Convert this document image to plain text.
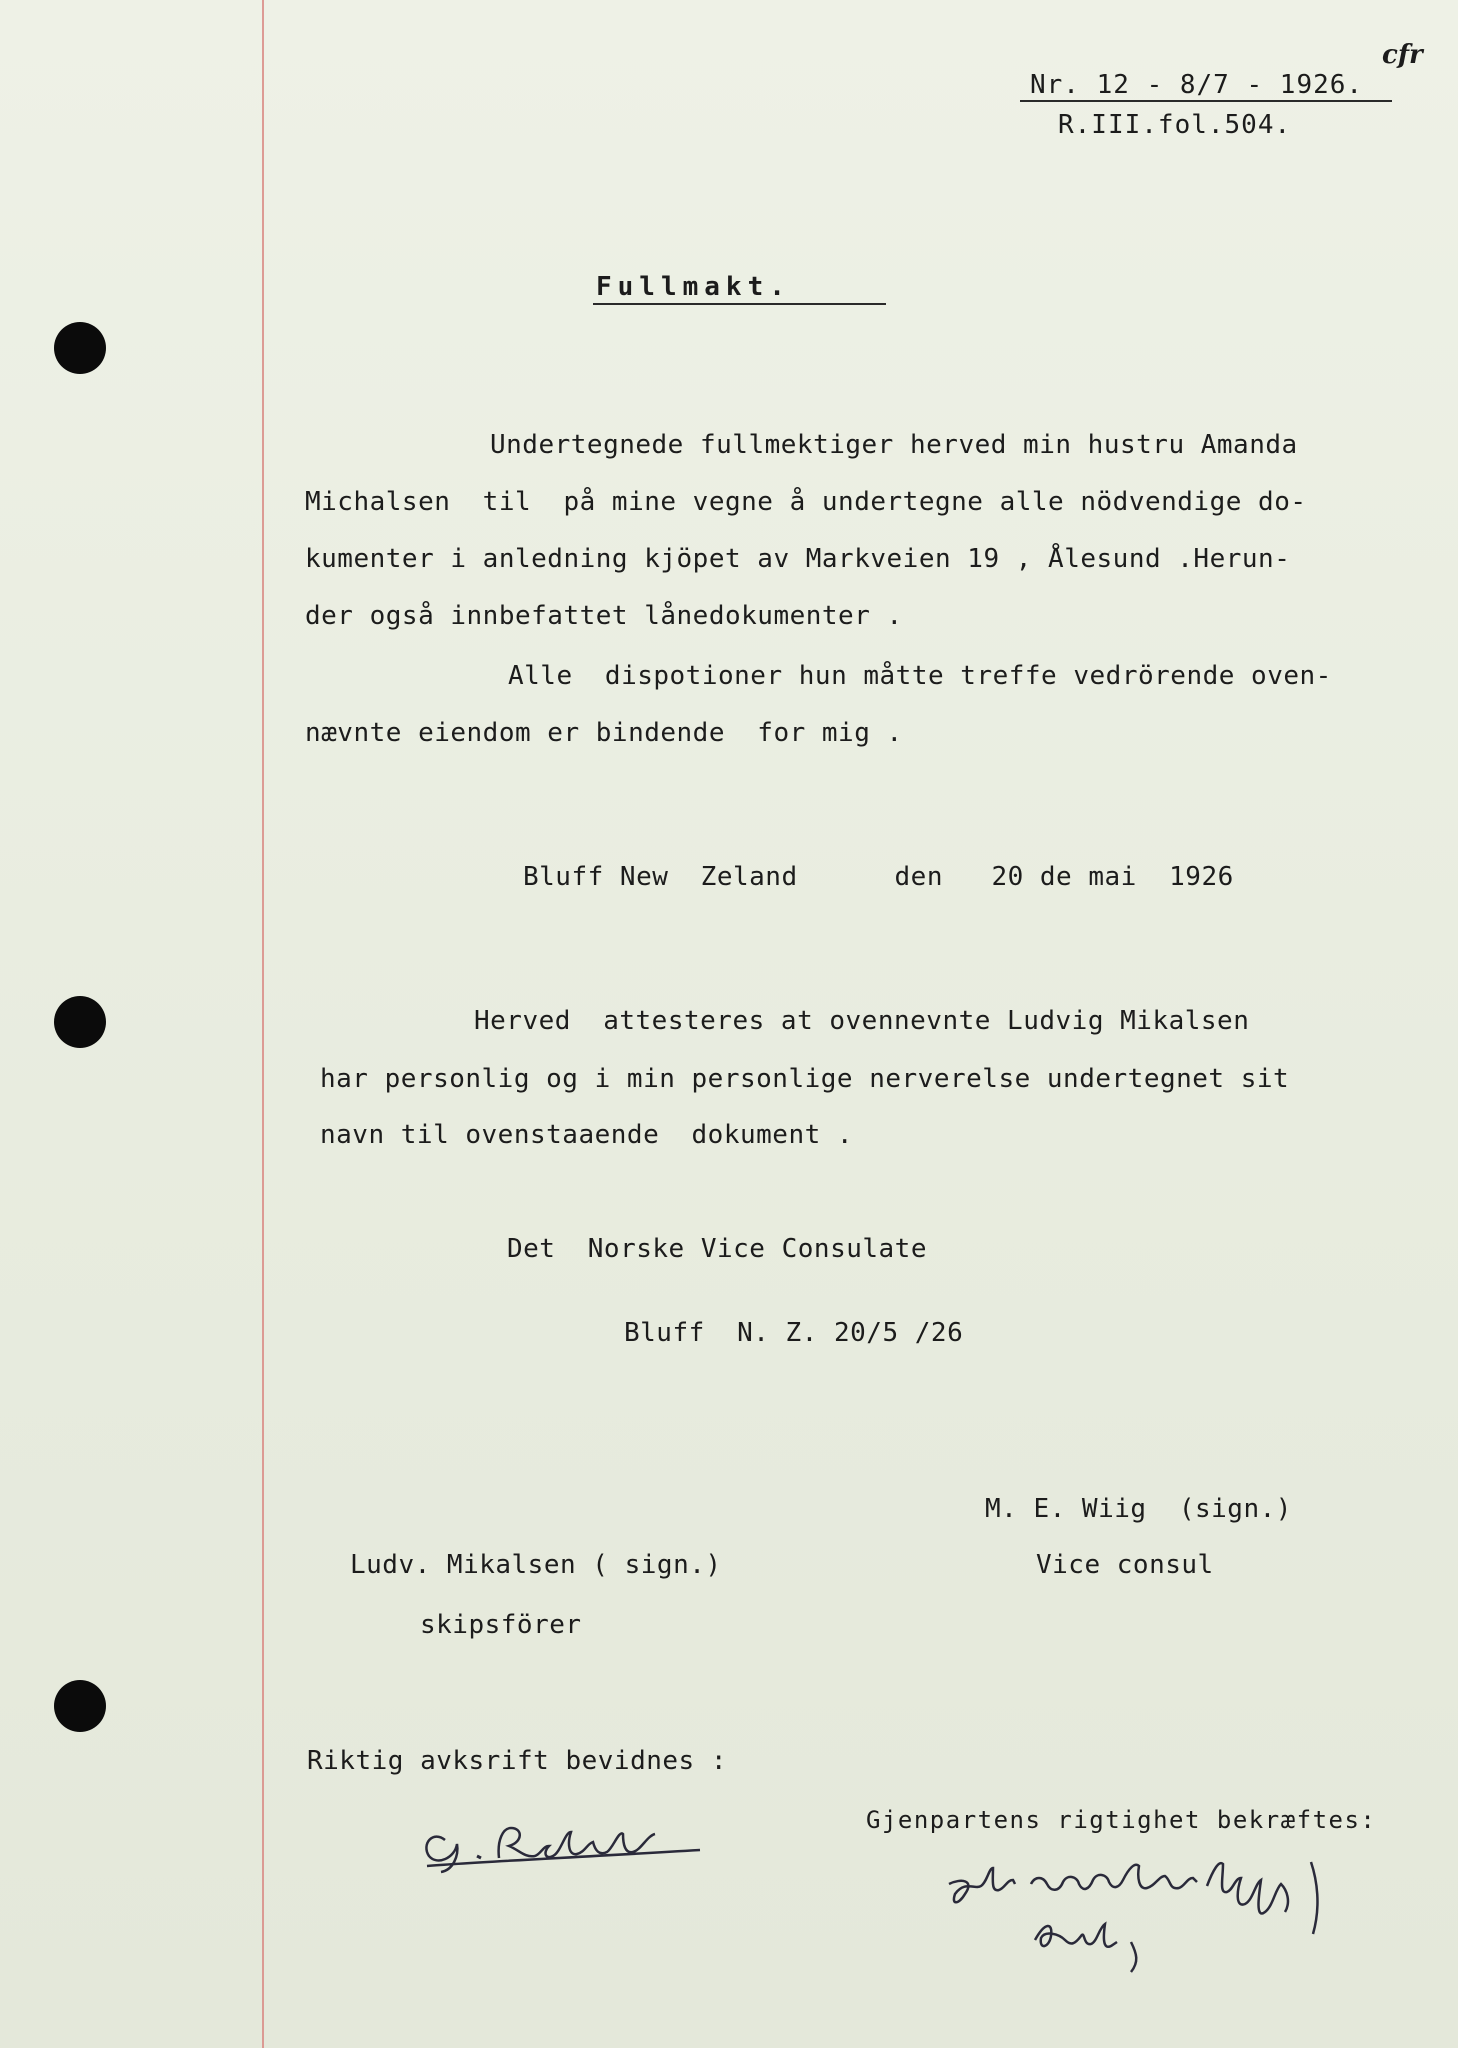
cfr
Nr. 12 - 8/7 - 1926.
R.III.fol.504.
Fullmakt.
Undertegnede fullmektiger herved min hustru Amanda
Michalsen  til  på mine vegne å undertegne alle nödvendige do-
kumenter i anledning kjöpet av Markveien 19 , Ålesund .Herun-
der også innbefattet lånedokumenter .
Alle  dispotioner hun måtte treffe vedrörende oven-
nævnte eiendom er bindende  for mig .
Bluff New  Zeland      den   20 de mai  1926
Herved  attesteres at ovennevnte Ludvig Mikalsen
har personlig og i min personlige nerverelse undertegnet sit
navn til ovenstaaende  dokument .
Det  Norske Vice Consulate
Bluff  N. Z. 20/5 /26
M. E. Wiig  (sign.)
Vice consul
Ludv. Mikalsen ( sign.)
skipsförer
Riktig avksrift bevidnes :
Gjenpartens rigtighet bekræftes:
